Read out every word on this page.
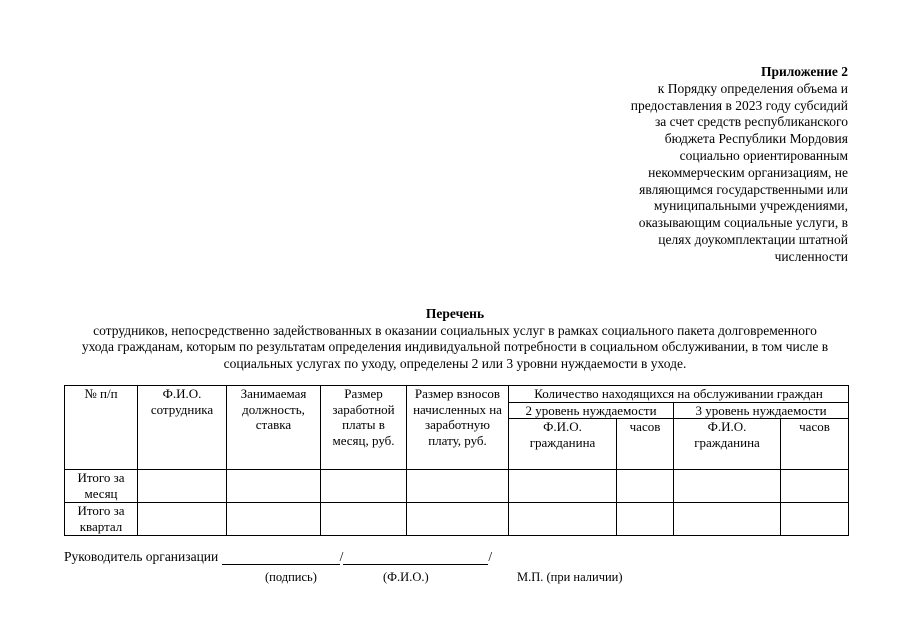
Приложение 2
к Порядку определения объема и
предоставления в 2023 году субсидий
за счет средств республиканского
бюджета Республики Мордовия
социально ориентированным
некоммерческим организациям, не
являющимся государственными или
муниципальными учреждениями,
оказывающим социальные услуги, в
целях доукомплектации штатной
численности
Перечень
сотрудников, непосредственно задействованных в оказании социальных услуг в рамках социального пакета долговременного
ухода гражданам, которым по результатам определения индивидуальной потребности в социальном обслуживании, в том числе в
социальных услугах по уходу, определены 2 или 3 уровни нуждаемости в уходе.
№ п/п	Ф.И.О. сотрудника	Занимаемая должность, ставка	Размер заработной платы в месяц, руб.	Размер взносов начисленных на заработную плату, руб.	Количество находящихся на обслуживании граждан			
					2 уровень нуждаемости		3 уровень нуждаемости	
					Ф.И.О. гражданина	часов	Ф.И.О. гражданина	часов
Итого за месяц								
Итого за квартал								
Руководитель организации	/	/
(подпись)	(Ф.И.О.)	М.П. (при наличии)
